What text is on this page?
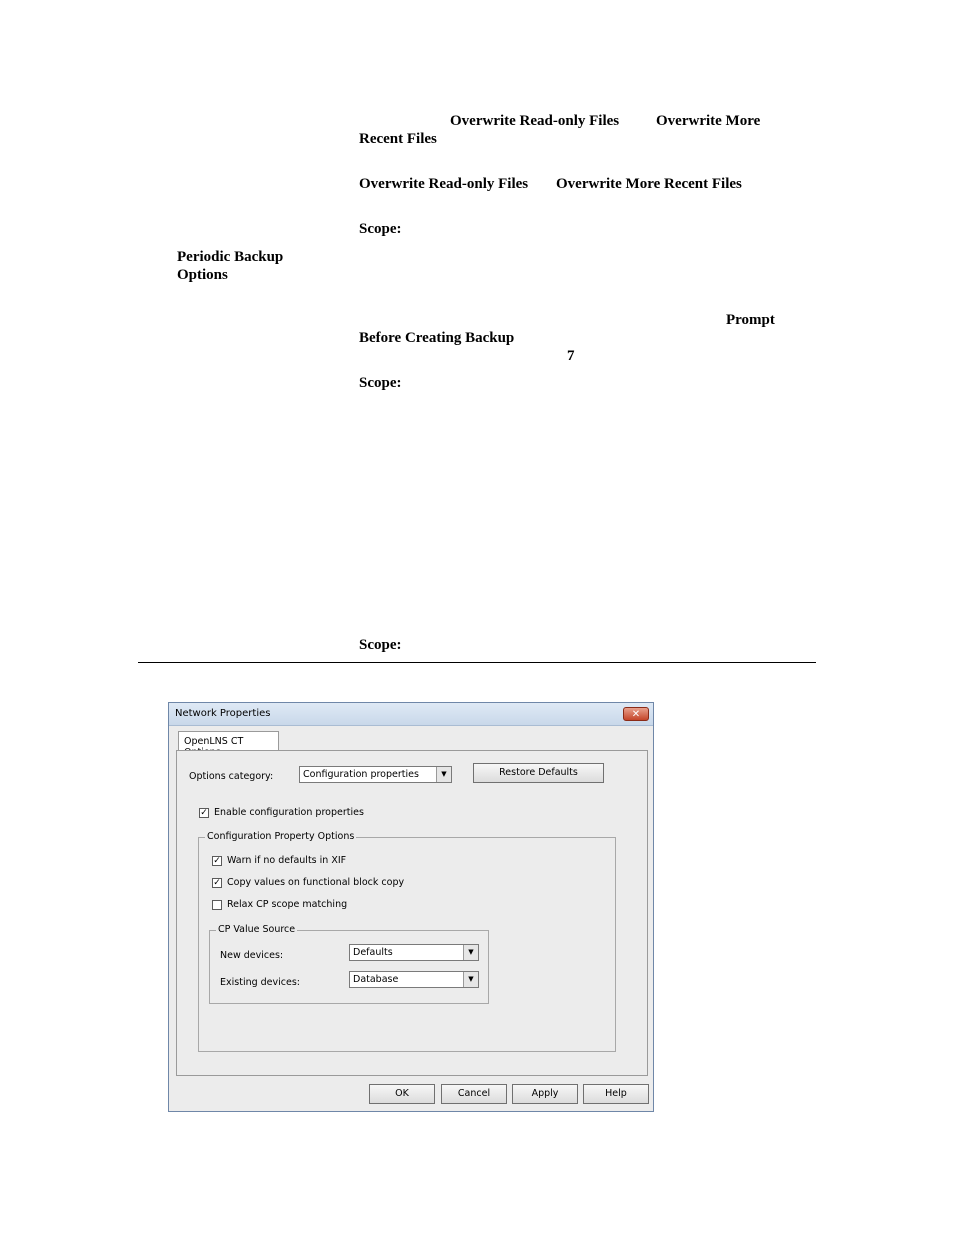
Overwrite Read-only Files Overwrite More
Recent Files
Overwrite Read-only Files Overwrite More Recent Files
Scope:
Periodic Backup
Options
Prompt
Before Creating Backup
7
Scope:
Scope:
Network Properties	✕
OpenLNS CT
Options category:	Configuration properties	▼	Restore Defaults
✓ Enable configuration properties
Configuration Property Options
✓ Warn if no defaults in XIF
✓ Copy values on functional block copy
Relax CP scope matching
CP Value Source
New devices:	Defaults	▼
Existing devices:	Database	▼
OK	Cancel	Apply	Help
